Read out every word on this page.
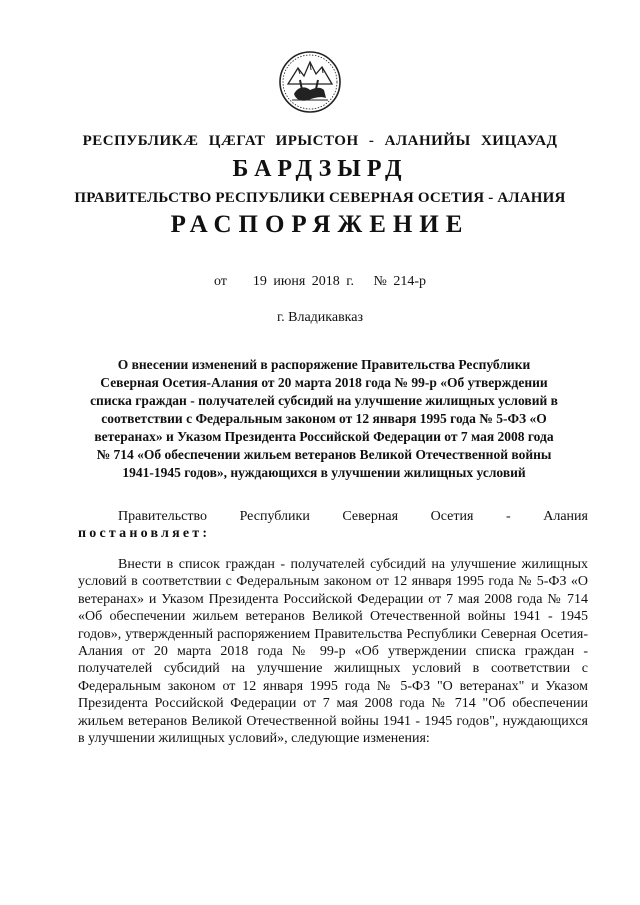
РЕСПУБЛИКӔ ЦӔГАТ ИРЫСТОН - АЛАНИЙЫ ХИЦАУАД
БАРДЗЫРД
ПРАВИТЕЛЬСТВО РЕСПУБЛИКИ СЕВЕРНАЯ ОСЕТИЯ - АЛАНИЯ
РАСПОРЯЖЕНИЕ
от 19 июня 2018 г. № 214-р
г. Владикавказ
О внесении изменений в распоряжение Правительства Республики Северная Осетия-Алания от 20 марта 2018 года № 99-р «Об утверждении списка граждан - получателей субсидий на улучшение жилищных условий в соответствии с Федеральным законом от 12 января 1995 года № 5-ФЗ «О ветеранах» и Указом Президента Российской Федерации от 7 мая 2008 года № 714 «Об обеспечении жильем ветеранов Великой Отечественной войны 1941-1945 годов», нуждающихся в улучшении жилищных условий
Правительство Республики Северная Осетия - Алания
постановляет:
Внести в список граждан - получателей субсидий на улучшение жилищных условий в соответствии с Федеральным законом от 12 января 1995 года № 5-ФЗ «О ветеранах» и Указом Президента Российской Федерации от 7 мая 2008 года № 714 «Об обеспечении жильем ветеранов Великой Отечественной войны 1941 - 1945 годов», утвержденный распоряжением Правительства Республики Северная Осетия-Алания от 20 марта 2018 года № 99-р «Об утверждении списка граждан - получателей субсидий на улучшение жилищных условий в соответствии с Федеральным законом от 12 января 1995 года № 5-ФЗ "О ветеранах" и Указом Президента Российской Федерации от 7 мая 2008 года № 714 "Об обеспечении жильем ветеранов Великой Отечественной войны 1941 - 1945 годов", нуждающихся в улучшении жилищных условий», следующие изменения:
